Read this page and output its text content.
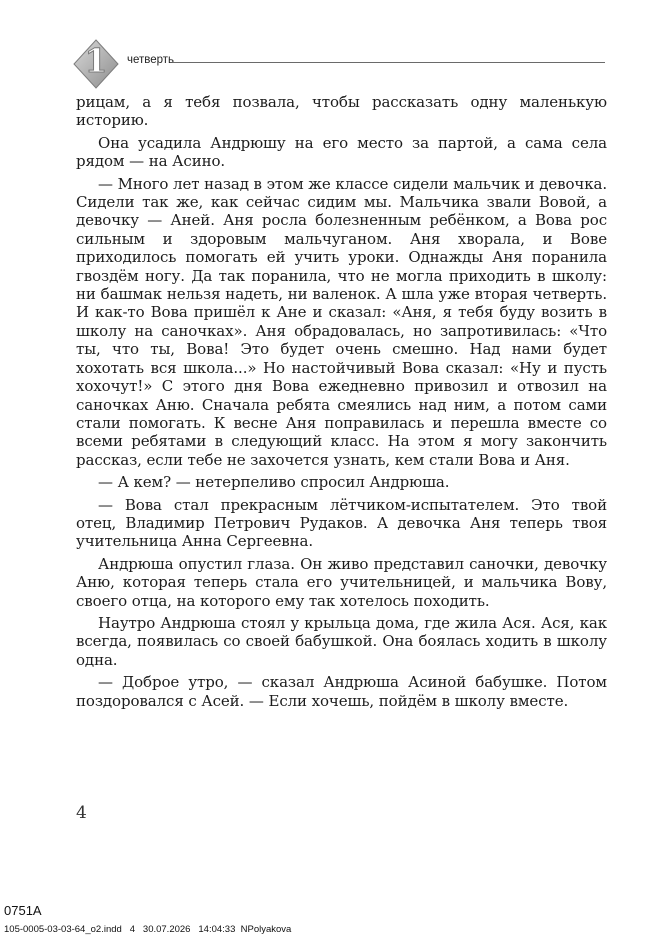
1 четверть

рицам, а я тебя позвала, чтобы рассказать одну маленькую историю.

Она усадила Андрюшу на его место за партой, а сама села рядом — на Асино.

— Много лет назад в этом же классе сидели мальчик и девочка. Сидели так же, как сейчас сидим мы. Мальчика звали Вовой, а девочку — Аней. Аня росла болезненным ребёнком, а Вова рос сильным и здоровым мальчуганом. Аня хворала, и Вове приходилось помогать ей учить уроки. Однажды Аня поранила гвоздём ногу. Да так поранила, что не могла приходить в школу: ни башмак нельзя надеть, ни валенок. А шла уже вторая четверть. И как-то Вова пришёл к Ане и сказал: «Аня, я тебя буду возить в школу на саночках». Аня обрадовалась, но запротивилась: «Что ты, что ты, Вова! Это будет очень смешно. Над нами будет хохотать вся школа...» Но настойчивый Вова сказал: «Ну и пусть хохочут!» С этого дня Вова ежедневно привозил и отвозил на саночках Аню. Сначала ребята смеялись над ним, а потом сами стали помогать. К весне Аня поправилась и перешла вместе со всеми ребятами в следующий класс. На этом я могу закончить рассказ, если тебе не захочется узнать, кем стали Вова и Аня.

— А кем? — нетерпеливо спросил Андрюша.

— Вова стал прекрасным лётчиком-испытателем. Это твой отец, Владимир Петрович Рудаков. А девочка Аня теперь твоя учительница Анна Сергеевна.

Андрюша опустил глаза. Он живо представил саночки, девочку Аню, которая теперь стала его учительницей, и мальчика Вову, своего отца, на которого ему так хотелось походить.

Наутро Андрюша стоял у крыльца дома, где жила Ася. Ася, как всегда, появилась со своей бабушкой. Она боялась ходить в школу одна.

— Доброе утро, — сказал Андрюша Асиной бабушке. Потом поздоровался с Асей. — Если хочешь, пойдём в школу вместе.

4
0751A
105-0005-03-03-64_o2.indd   4   30.07.2026   14:04:33  NPolyakova
